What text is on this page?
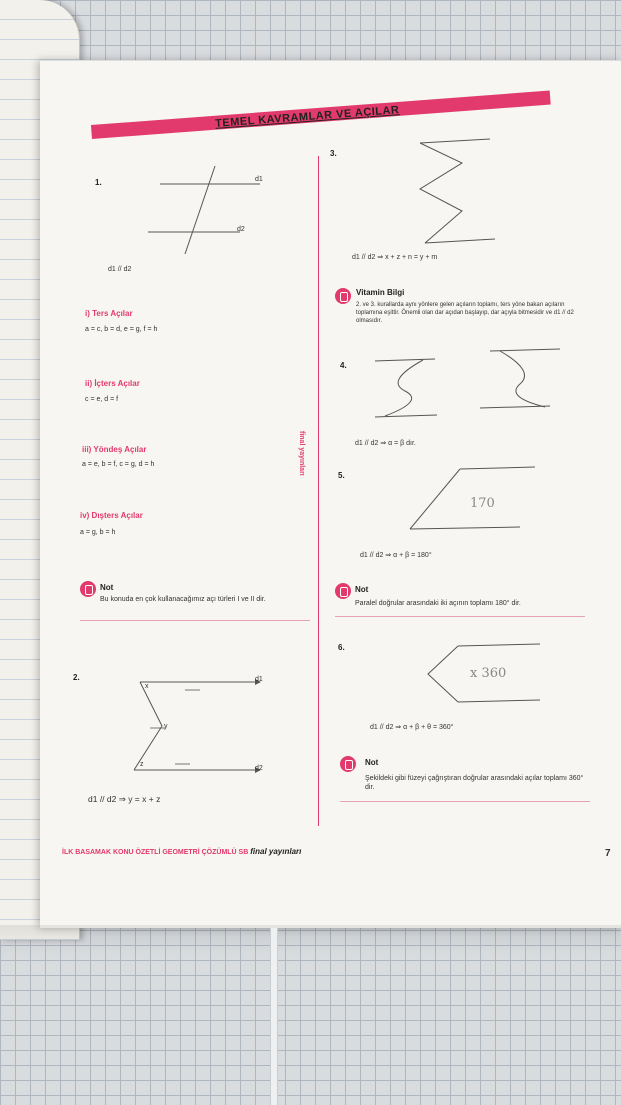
TEMEL KAVRAMLAR VE AÇILAR
final yayınları
1.	d1
d2
d1 // d2
i) Ters Açılar
a = c, b = d, e = g, f = h
ii) İçters Açılar
c = e, d = f
iii) Yöndeş Açılar
a = e, b = f, c = g, d = h
iv) Dışters Açılar
a = g, b = h
Not
Bu konuda en çok kullanacağımız açı türleri I ve II dir.
2.
x
y
z
d1
d2
d1 // d2 ⇒ y = x + z
3.
d1 // d2 ⇒ x + z + n = y + m
Vitamin Bilgi
2. ve 3. kurallarda aynı yönlere gelen açıların toplamı, ters yöne bakan açıların toplamına eşittir. Önemli olan dar açıdan başlayıp, dar açıyla bitmesidir ve d1 // d2 olmasıdır.
4.
d1 // d2 ⇒ α = β dır.
5.
170
d1 // d2 ⇒ α + β = 180°
Not
Paralel doğrular arasındaki iki açının toplamı 180° dir.
6.
x 360
d1 // d2 ⇒ α + β + θ = 360°
Not
Şekildeki gibi füzeyi çağrıştıran doğrular arasındaki açılar toplamı 360° dir.
İLK BASAMAK KONU ÖZETLİ GEOMETRİ ÇÖZÜMLÜ SB final yayınları	7
